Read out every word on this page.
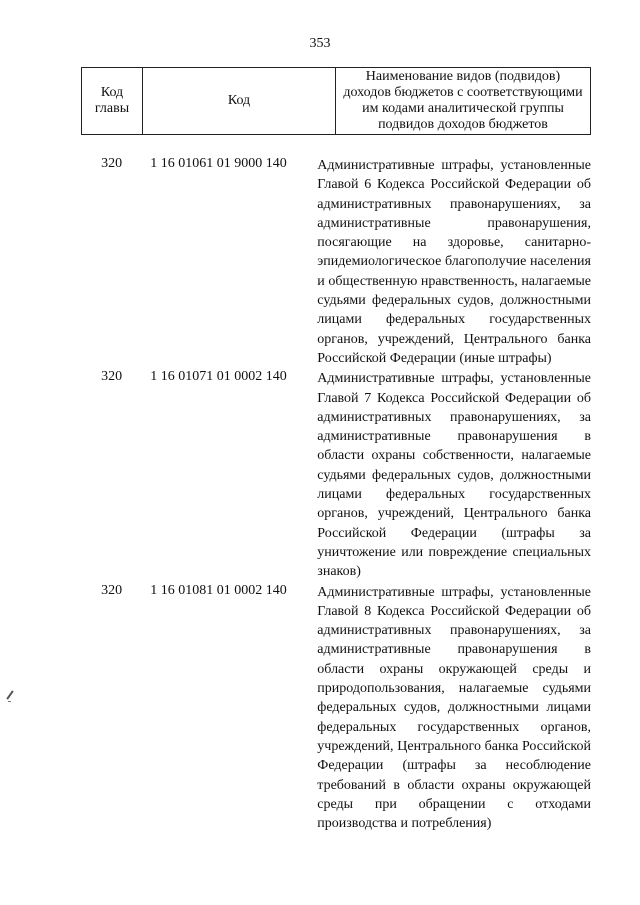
353
Код главы	Код	Наименование видов (подвидов) доходов бюджетов с соответствующими им кодами аналитической группы подвидов доходов бюджетов
320	1 16 01061 01 9000 140	Административные штрафы, установленные Главой 6 Кодекса Российской Федерации об административных правонарушениях, за административные правонарушения, посягающие на здоровье, санитарно-эпидемиологическое благополучие населения и общественную нравственность, налагаемые судьями федеральных судов, должностными лицами федеральных государственных органов, учреждений, Центрального банка Российской Федерации (иные штрафы)
320	1 16 01071 01 0002 140	Административные штрафы, установленные Главой 7 Кодекса Российской Федерации об административных правонарушениях, за административные правонарушения в области охраны собственности, налагаемые судьями федеральных судов, должностными лицами федеральных государственных органов, учреждений, Центрального банка Российской Федерации (штрафы за уничтожение или повреждение специальных знаков)
320	1 16 01081 01 0002 140	Административные штрафы, установленные Главой 8 Кодекса Российской Федерации об административных правонарушениях, за административные правонарушения в области охраны окружающей среды и природопользования, налагаемые судьями федеральных судов, должностными лицами федеральных государственных органов, учреждений, Центрального банка Российской Федерации (штрафы за несоблюдение требований в области охраны окружающей среды при обращении с отходами производства и потребления)
